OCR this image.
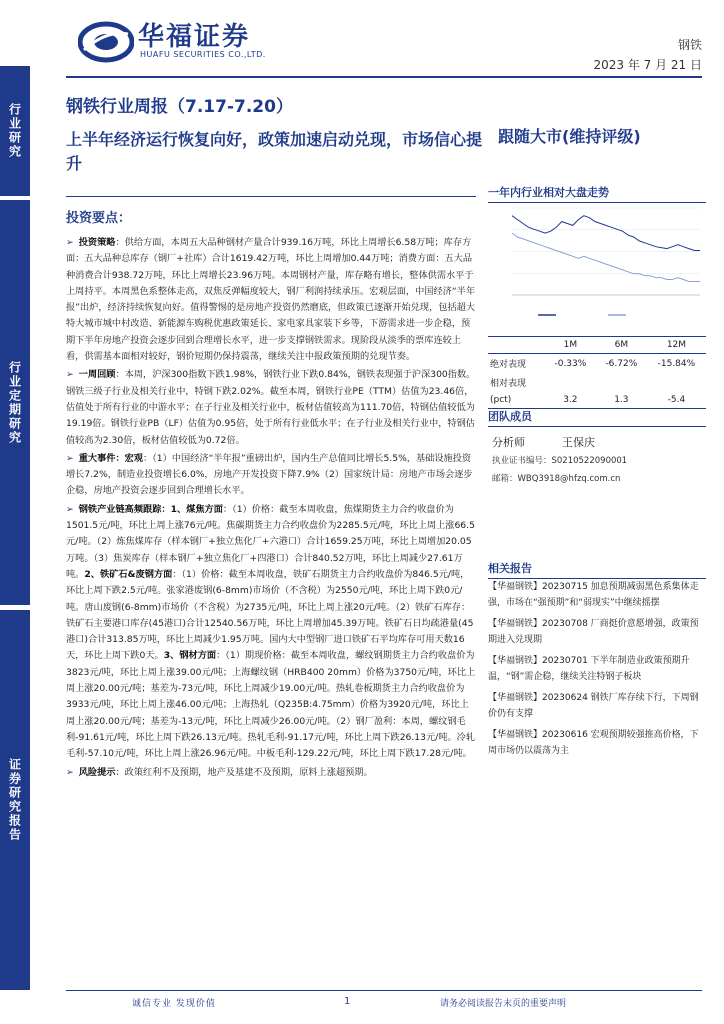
华福证券
HUAFU SECURITIES CO.,LTD.
钢铁
2023 年 7 月 21 日
行业研究
行业定期研究
证券研究报告
钢铁行业周报（7.17-7.20）
上半年经济运行恢复向好，政策加速启动兑现，市场信心提升
跟随大市(维持评级)
投资要点：

➢ 投资策略：供给方面，本周五大品种钢材产量合计939.16万吨，环比上周增长6.58万吨；库存方面：五大品种总库存（钢厂+社库）合计1619.42万吨，环比上周增加0.44万吨；消费方面：五大品种消费合计938.72万吨，环比上周增长23.96万吨。本周钢材产量，库存略有增长，整体供需水平于上周持平。本周黑色系整体走高，双焦反弹幅度较大，钢厂利润持续承压。宏观层面，中国经济“半年报”出炉，经济持续恢复向好。值得警惕的是房地产投资仍然磨底，但政策已逐渐开始兑现，包括超大特大城市城中村改造、新能源车购税优惠政策延长、家电家具家装下乡等，下游需求进一步企稳，预期下半年房地产投资会逐步回到合理增长水平，进一步支撑钢铁需求。现阶段从淡季的票库连较上看，供需基本面相对较好，钢价短期仍保持震荡，继续关注中报政策预期的兑现节奏。

➢ 一周回顾：本周，沪深300指数下跌1.98%，钢铁行业下跌0.84%，钢铁表现强于沪深300指数。钢铁三级子行业及相关行业中，特钢下跌2.02%。截至本周，钢铁行业PE（TTM）估值为23.46倍，估值处于所有行业的中游水平；在子行业及相关行业中，板材估值较高为111.70倍，特钢估值较低为19.19倍。钢铁行业PB（LF）估值为0.95倍，处于所有行业低水平；在子行业及相关行业中，特钢估值较高为2.30倍，板材估值较低为0.72倍。

➢ 重大事件：宏观：（1）中国经济“半年报”重磅出炉，国内生产总值同比增长5.5%，基础设施投资增长7.2%，制造业投资增长6.0%，房地产开发投资下降7.9%（2）国家统计局：房地产市场会逐步企稳，房地产投资会逐步回到合理增长水平。

➢ 钢铁产业链高频跟踪：1、煤焦方面：（1）价格：截至本周收盘，焦煤期货主力合约收盘价为1501.5元/吨，环比上周上涨76元/吨。焦碳期货主力合约收盘价为2285.5元/吨，环比上周上涨66.5元/吨。（2）炼焦煤库存（样本钢厂+独立焦化厂+六港口）合计1659.25万吨，环比上周增加20.05万吨。（3）焦炭库存（样本钢厂+独立焦化厂+四港口）合计840.52万吨，环比上周减少27.61万吨。2、铁矿石&废钢方面：（1）价格：截至本周收盘，铁矿石期货主力合约收盘价为846.5元/吨，环比上周下跌2.5元/吨。张家港废钢(6-8mm)市场价（不含税）为2550元/吨，环比上周下跌0元/吨。唐山废钢(6-8mm)市场价（不含税）为2735元/吨，环比上周上涨20元/吨。（2）铁矿石库存：铁矿石主要港口库存(45港口)合计12540.56万吨，环比上周增加45.39万吨。铁矿石日均疏港量(45港口)合计313.85万吨，环比上周减少1.95万吨。国内大中型钢厂进口铁矿石平均库存可用天数16天，环比上周下跌0天。3、钢材方面：（1）期现价格：截至本周收盘，螺纹钢期货主力合约收盘价为3823元/吨，环比上周上涨39.00元/吨；上海螺纹钢（HRB400 20mm）价格为3750元/吨，环比上周上涨20.00元/吨；基差为-73元/吨，环比上周减少19.00元/吨。热轧卷板期货主力合约收盘价为3933元/吨，环比上周上涨46.00元/吨；上海热轧（Q235B:4.75mm）价格为3920元/吨，环比上周上涨20.00元/吨；基差为-13元/吨，环比上周减少26.00元/吨。（2）钢厂盈利：本周，螺纹钢毛利-91.61元/吨，环比上周下跌26.13元/吨。热轧毛利-91.17元/吨，环比上周下跌26.13元/吨。冷轧毛利-57.10元/吨，环比上周上涨26.96元/吨。中板毛利-129.22元/吨，环比上周下跌17.28元/吨。

➢ 风险提示：政策红利不及预期，地产及基建不及预期，原料上涨超预期。

一年内行业相对大盘走势
	1M	6M	12M
绝对表现	-0.33%	-6.72%	-15.84%
相对表现			
(pct)	3.2	1.3	-5.4
团队成员
分析师	王保庆
执业证书编号：S0210522090001
邮箱：WBQ3918@hfzq.com.cn
相关报告
【华福钢铁】20230715 加息预期减弱黑色系集体走强，市场在“强预期”和“弱现实”中继续摇摆
【华福钢铁】20230708 厂商挺价意愿增强，政策预期进入兑现期
【华福钢铁】20230701 下半年制造业政策预期升温，“钢”需企稳，继续关注特钢子板块
【华福钢铁】20230624 钢铁厂库存续下行，下周钢价仍有支撑
【华福钢铁】20230616 宏观预期较强推高价格，下周市场仍以震荡为主
诚信专业 发现价值	1	请务必阅读报告末页的重要声明
